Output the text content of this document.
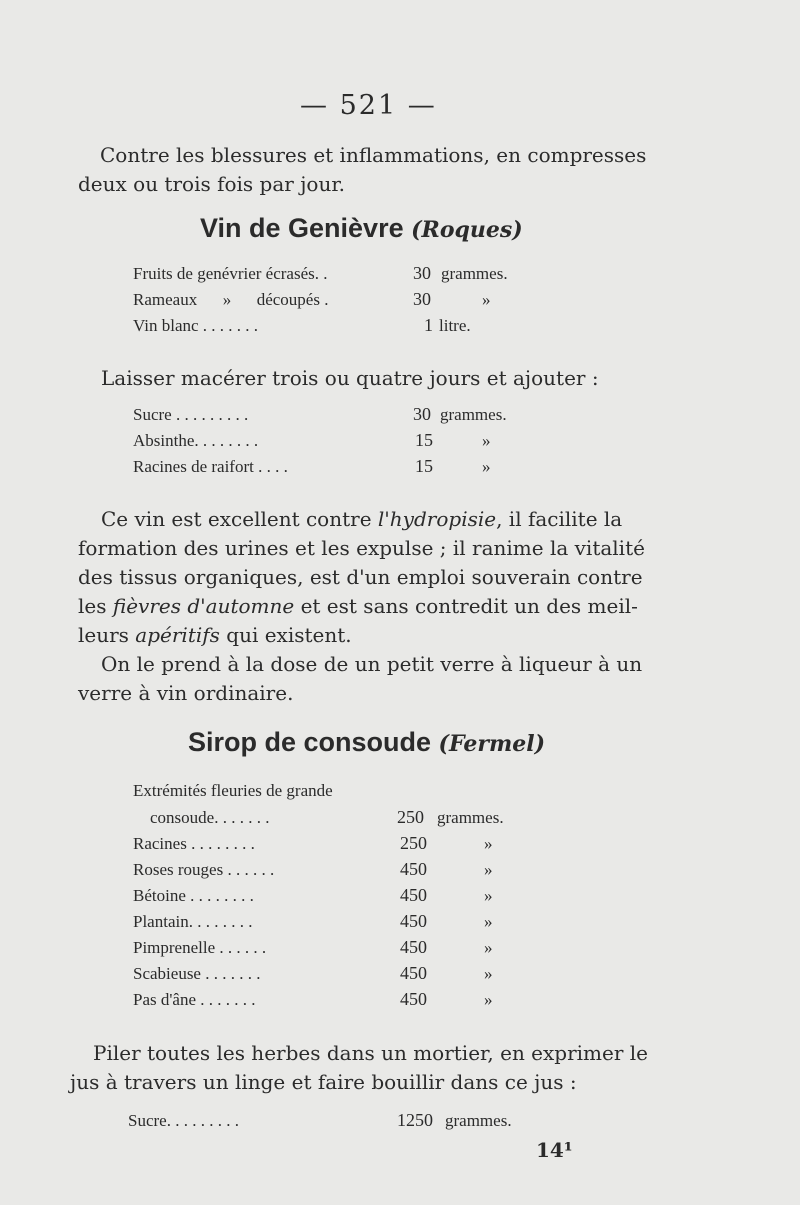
— 521 —
Contre les blessures et inflammations, en compresses
deux ou trois fois par jour.
Vin de Genièvre (Roques)
Fruits de genévrier écrasés. .	30 grammes.
Rameaux      »      découpés .	30	»
Vin blanc . . . . . . .	1 litre.
Laisser macérer trois ou quatre jours et ajouter :
Sucre . . . . . . . . .	30 grammes.
Absinthe. . . . . . . .	15	»
Racines de raifort . . . .	15	»
Ce vin est excellent contre l'hydropisie, il facilite la
formation des urines et les expulse ; il ranime la vitalité
des tissus organiques, est d'un emploi souverain contre
les fièvres d'automne et est sans contredit un des meil-
leurs apéritifs qui existent.
On le prend à la dose de un petit verre à liqueur à un
verre à vin ordinaire.
Sirop de consoude (Fermel)
Extrémités fleuries de grande
consoude. . . . . . .	250 grammes.
Racines . . . . . . . .	250	»
Roses rouges . . . . . .	450	»
Bétoine . . . . . . . .	450	»
Plantain. . . . . . . .	450	»
Pimprenelle . . . . . .	450	»
Scabieuse . . . . . . .	450	»
Pas d'âne . . . . . . .	450	»
Piler toutes les herbes dans un mortier, en exprimer le
jus à travers un linge et faire bouillir dans ce jus :
Sucre. . . . . . . . .	1250 grammes.
14¹
